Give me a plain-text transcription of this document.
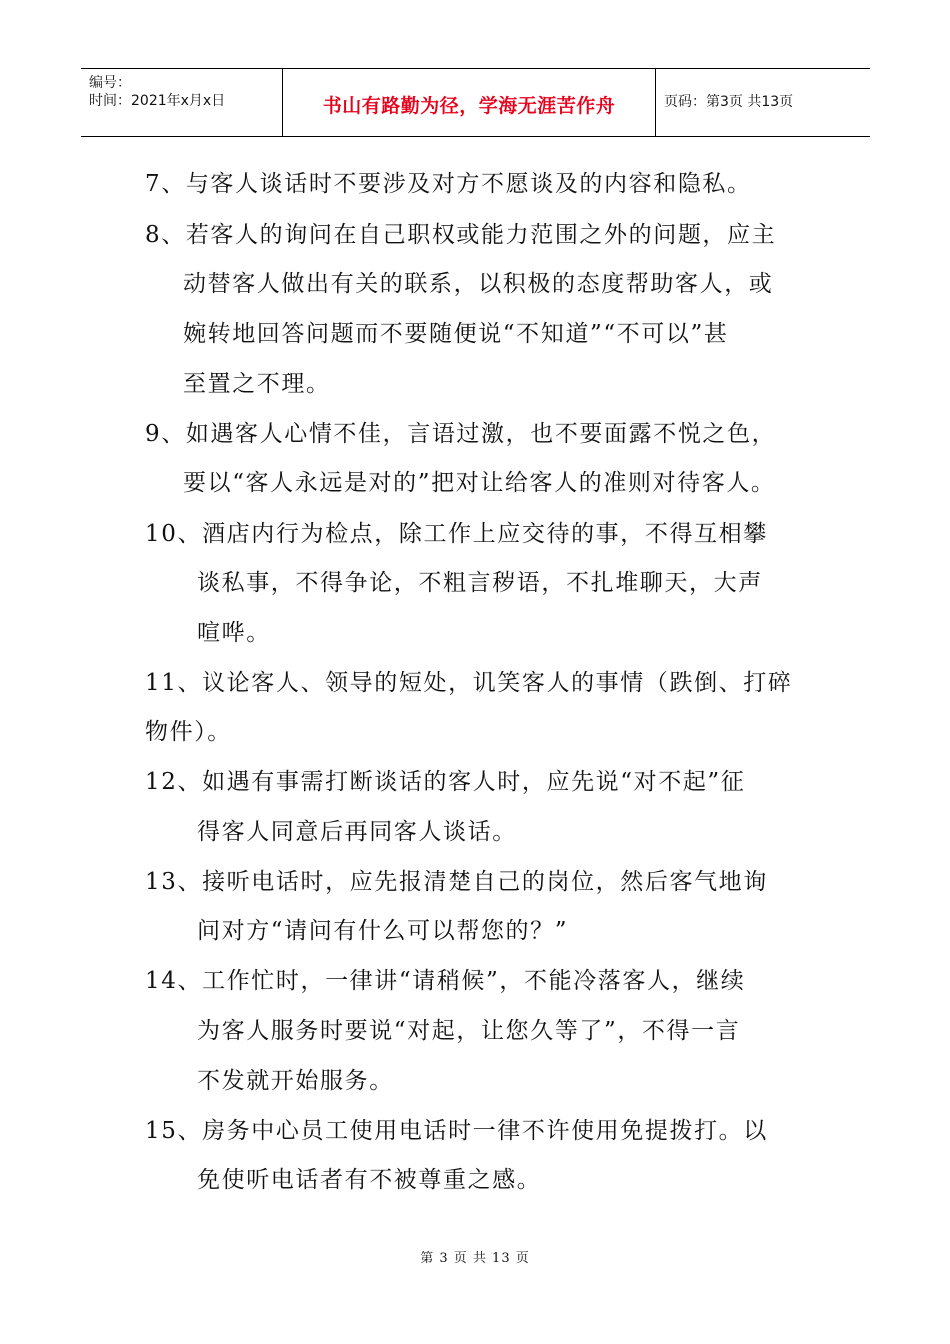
编号：
时间：2021年x月x日	书山有路勤为径，学海无涯苦作舟	页码：第3页 共13页
7、与客人谈话时不要涉及对方不愿谈及的内容和隐私。
8、若客人的询问在自己职权或能力范围之外的问题，应主
动替客人做出有关的联系，以积极的态度帮助客人，或
婉转地回答问题而不要随便说“不知道”“不可以”甚
至置之不理。
9、如遇客人心情不佳，言语过激，也不要面露不悦之色，
要以“客人永远是对的”把对让给客人的准则对待客人。
10、酒店内行为检点，除工作上应交待的事，不得互相攀
谈私事，不得争论，不粗言秽语，不扎堆聊天，大声
喧哗。
11、议论客人、领导的短处，讥笑客人的事情（跌倒、打碎
物件）。
12、如遇有事需打断谈话的客人时，应先说“对不起”征
得客人同意后再同客人谈话。
13、接听电话时，应先报清楚自己的岗位，然后客气地询
问对方“请问有什么可以帮您的？”
14、工作忙时，一律讲“请稍候”，不能冷落客人，继续
为客人服务时要说“对起，让您久等了”，不得一言
不发就开始服务。
15、房务中心员工使用电话时一律不许使用免提拨打。以
免使听电话者有不被尊重之感。
第 3 页 共 13 页
